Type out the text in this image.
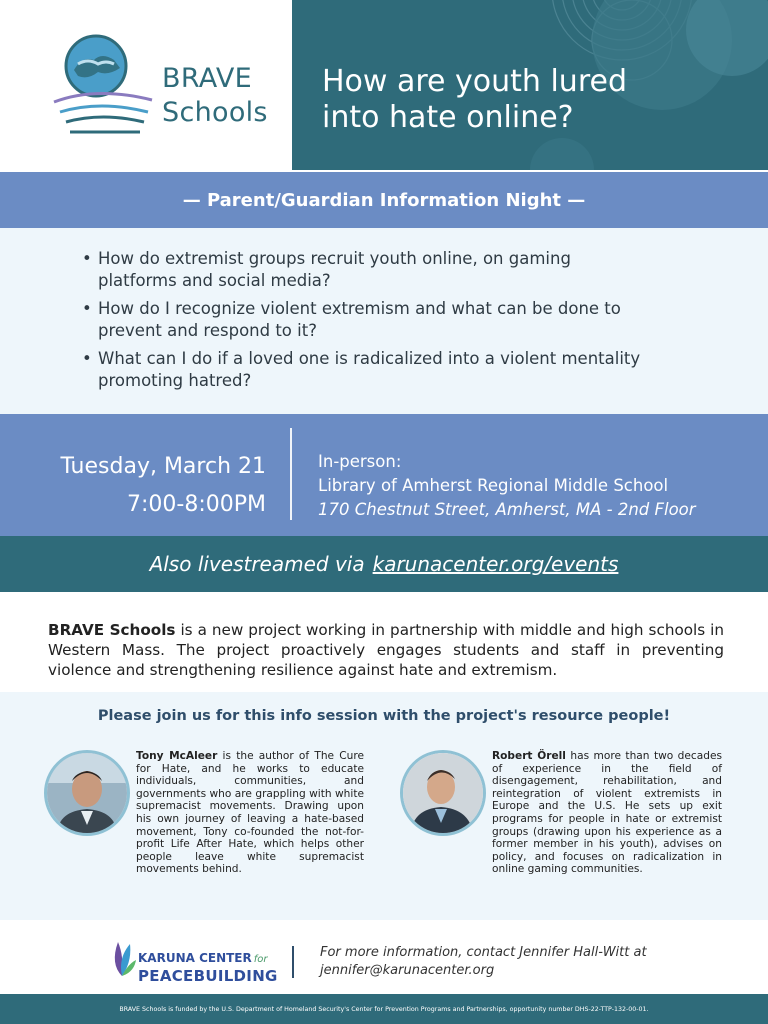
BRAVE
Schools
How are youth lured
into hate online?
— Parent/Guardian Information Night —
• How do extremist groups recruit youth online, on gaming
platforms and social media?
• How do I recognize violent extremism and what can be done to
prevent and respond to it?
• What can I do if a loved one is radicalized into a violent mentality
promoting hatred?
Tuesday, March 21
7:00-8:00PM
In-person:
Library of Amherst Regional Middle School
170 Chestnut Street, Amherst, MA - 2nd Floor
Also livestreamed via karunacenter.org/events
BRAVE Schools is a new project working in partnership with middle and high schools in Western Mass. The project proactively engages students and staff in preventing violence and strengthening resilience against hate and extremism.
Please join us for this info session with the project's resource people!
Tony McAleer is the author of The Cure for Hate, and he works to educate individuals, communities, and governments who are grappling with white supremacist movements. Drawing upon his own journey of leaving a hate-based movement, Tony co-founded the not-for-profit Life After Hate, which helps other people leave white supremacist movements behind.
Robert Örell has more than two decades of experience in the field of disengagement, rehabilitation, and reintegration of violent extremists in Europe and the U.S. He sets up exit programs for people in hate or extremist groups (drawing upon his experience as a former member in his youth), advises on policy, and focuses on radicalization in online gaming communities.
KARUNA CENTER for
PEACEBUILDING
For more information, contact Jennifer Hall-Witt at
jennifer@karunacenter.org
BRAVE Schools is funded by the U.S. Department of Homeland Security's Center for Prevention Programs and Partnerships, opportunity number DHS-22-TTP-132-00-01.
